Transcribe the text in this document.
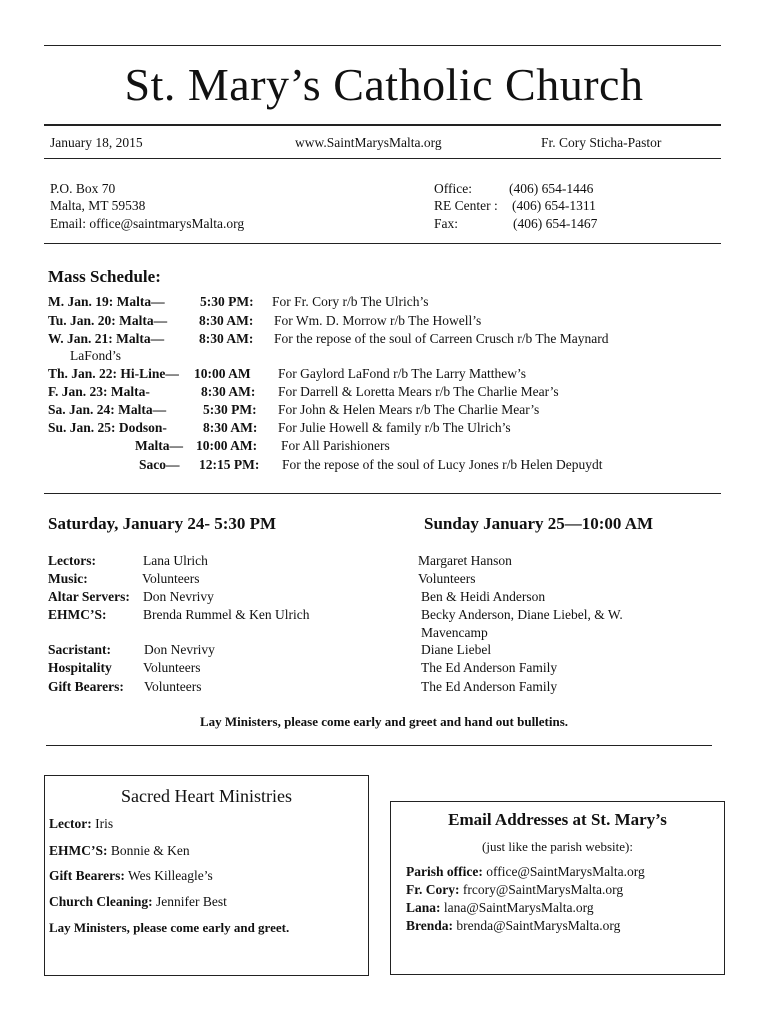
St. Mary’s Catholic Church
January 18, 2015	www.SaintMarysMalta.org	Fr. Cory Sticha-Pastor
P.O. Box 70
Malta, MT 59538
Email: office@saintmarysMalta.org
Office:	(406) 654-1446
RE Center : (406) 654-1311
Fax:	(406) 654-1467
Mass Schedule:
M. Jan. 19: Malta—	5:30 PM: For Fr. Cory r/b The Ulrich’s
Tu. Jan. 20: Malta— 8:30 AM: For Wm. D. Morrow r/b The Howell’s
W. Jan. 21: Malta—	8:30 AM: For the repose of the soul of Carreen Crusch r/b The Maynard
LaFond’s
Th. Jan. 22: Hi-Line— 10:00 AM For Gaylord LaFond r/b The Larry Matthew’s
F. Jan. 23: Malta-	8:30 AM: For Darrell & Loretta Mears r/b The Charlie Mear’s
Sa. Jan. 24: Malta—	5:30 PM: For John & Helen Mears r/b The Charlie Mear’s
Su. Jan. 25: Dodson-	8:30 AM: For Julie Howell & family r/b The Ulrich’s
Malta— 10:00 AM: For All Parishioners
Saco— 12:15 PM: For the repose of the soul of Lucy Jones r/b Helen Depuydt
Saturday, January 24- 5:30 PM	Sunday January 25—10:00 AM
Lectors:	Lana Ulrich	Margaret Hanson
Music:	Volunteers	Volunteers
Altar Servers: Don Nevrivy	Ben & Heidi Anderson
EHMC’S:	Brenda Rummel & Ken Ulrich	Becky Anderson, Diane Liebel, & W.
Mavencamp
Sacristant: Don Nevrivy	Diane Liebel
Hospitality Volunteers	The Ed Anderson Family
Gift Bearers: Volunteers	The Ed Anderson Family
Lay Ministers, please come early and greet and hand out bulletins.
Sacred Heart Ministries
Lector: Iris
EHMC’S: Bonnie & Ken
Gift Bearers: Wes Killeagle’s
Church Cleaning: Jennifer Best
Lay Ministers, please come early and greet.
Email Addresses at St. Mary’s
(just like the parish website):
Parish office: office@SaintMarysMalta.org
Fr. Cory: frcory@SaintMarysMalta.org
Lana: lana@SaintMarysMalta.org
Brenda: brenda@SaintMarysMalta.org
